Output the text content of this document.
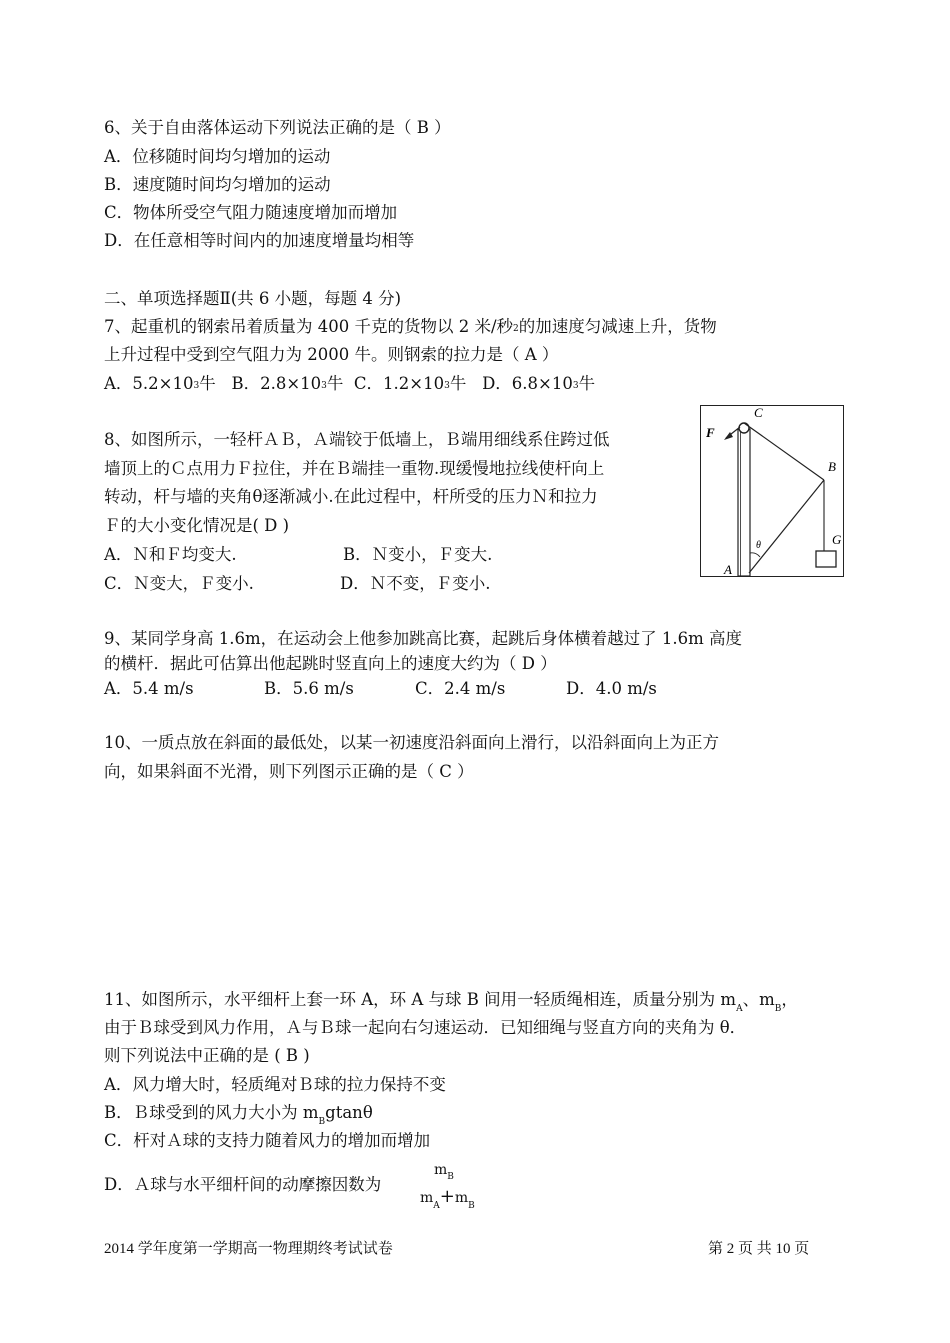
6、关于自由落体运动下列说法正确的是（ B ）
A．位移随时间均匀增加的运动
B．速度随时间均匀增加的运动
C．物体所受空气阻力随速度增加而增加
D．在任意相等时间内的加速度增量均相等
二、单项选择题Ⅱ(共 6 小题，每题 4 分)
7、起重机的钢索吊着质量为 400 千克的货物以 2 米/秒2的加速度匀减速上升，货物
上升过程中受到空气阻力为 2000 牛。则钢索的拉力是（ A ）
A．5.2×103牛 B．2.8×103牛 C．1.2×103牛 D．6.8×103牛
8、如图所示，一轻杆ＡＢ，Ａ端铰于低墙上，Ｂ端用细线系住跨过低
墙顶上的Ｃ点用力Ｆ拉住，并在Ｂ端挂一重物.现缓慢地拉线使杆向上
转动，杆与墙的夹角θ逐渐减小.在此过程中，杆所受的压力Ｎ和拉力
Ｆ的大小变化情况是( D )
A．Ｎ和Ｆ均变大.	B．Ｎ变小，Ｆ变大.
C．Ｎ变大，Ｆ变小.	D．Ｎ不变，Ｆ变小.
C
F
B
G
A
θ
9、某同学身高 1.6m，在运动会上他参加跳高比赛，起跳后身体横着越过了 1.6m 高度
的横杆．据此可估算出他起跳时竖直向上的速度大约为（ D ）
A．5.4 m/s	B．5.6 m/s	C．2.4 m/s	D．4.0 m/s
10、一质点放在斜面的最低处，以某一初速度沿斜面向上滑行，以沿斜面向上为正方
向，如果斜面不光滑，则下列图示正确的是（ C ）
11、如图所示，水平细杆上套一环 A，环 A 与球 B 间用一轻质绳相连，质量分别为 $m_A$、$m_B$，
由于Ｂ球受到风力作用，Ａ与Ｂ球一起向右匀速运动．已知细绳与竖直方向的夹角为 θ．
则下列说法中正确的是 ( B )
A．风力增大时，轻质绳对Ｂ球的拉力保持不变
B．Ｂ球受到的风力大小为 $m_Bgtan\theta$
C．杆对Ａ球的支持力随着风力的增加而增加
D．Ａ球与水平细杆间的动摩擦因数为
$m_B$
$m_A+m_B$
2014 学年度第一学期高一物理期终考试试卷	第 2 页 共 10 页
